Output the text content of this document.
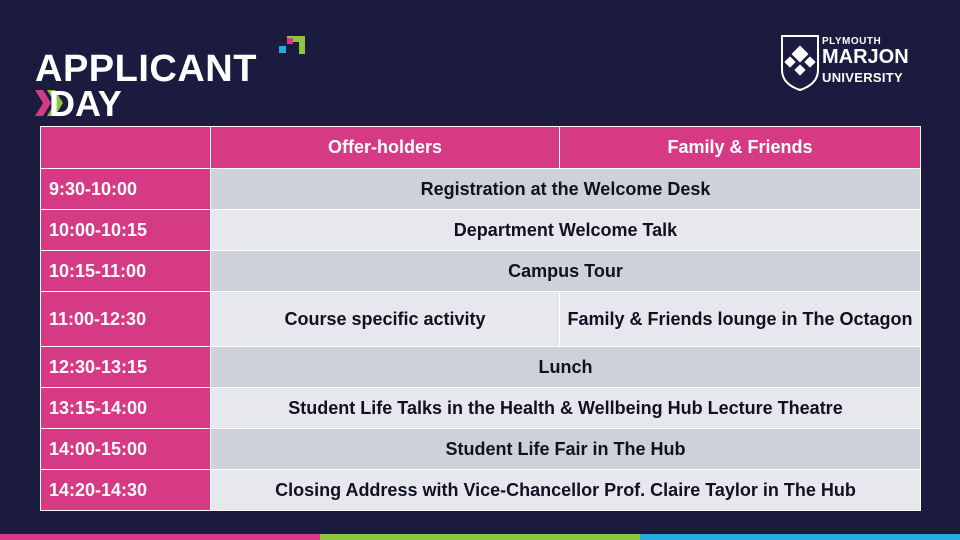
APPLICANT
DAY
PLYMOUTH
MARJON
UNIVERSITY
	Offer-holders	Family & Friends
9:30-10:00	Registration at the Welcome Desk	
10:00-10:15	Department Welcome Talk	
10:15-11:00	Campus Tour	
11:00-12:30	Course specific activity	Family & Friends lounge in The Octagon
12:30-13:15	Lunch	
13:15-14:00	Student Life Talks in the Health & Wellbeing Hub Lecture Theatre	
14:00-15:00	Student Life Fair in The Hub	
14:20-14:30	Closing Address with Vice-Chancellor Prof. Claire Taylor in The Hub	
